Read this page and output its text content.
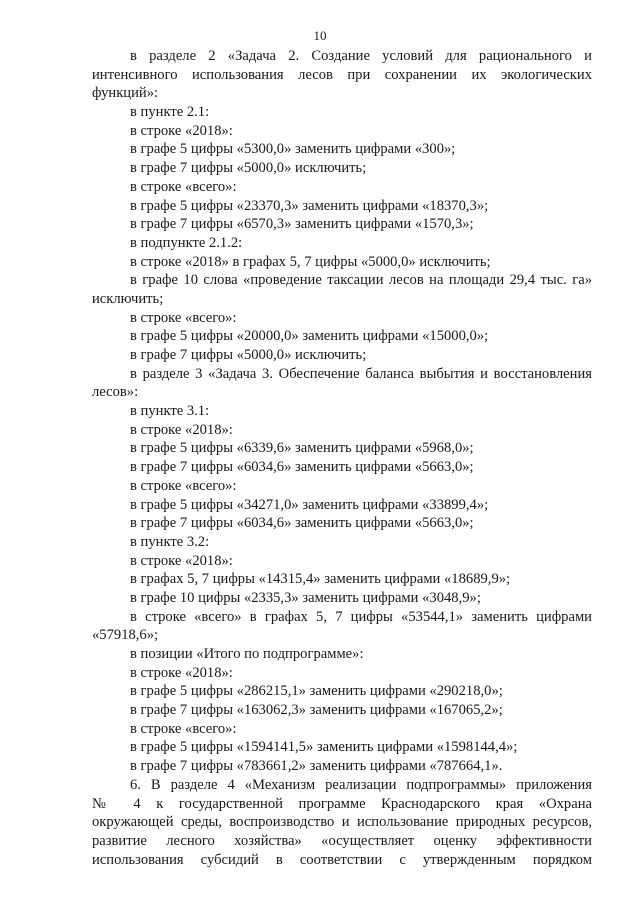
10
в разделе 2 «Задача 2. Создание условий для рационального и
интенсивного использования лесов при сохранении их экологических
функций»:
в пункте 2.1:
в строке «2018»:
в графе 5 цифры «5300,0» заменить цифрами «300»;
в графе 7 цифры «5000,0» исключить;
в строке «всего»:
в графе 5 цифры «23370,3» заменить цифрами «18370,3»;
в графе 7 цифры «6570,3» заменить цифрами «1570,3»;
в подпункте 2.1.2:
в строке «2018» в графах 5, 7 цифры «5000,0» исключить;
в графе 10 слова «проведение таксации лесов на площади 29,4 тыс. га»
исключить;
в строке «всего»:
в графе 5 цифры «20000,0» заменить цифрами «15000,0»;
в графе 7 цифры «5000,0» исключить;
в разделе 3 «Задача 3. Обеспечение баланса выбытия и восстановления
лесов»:
в пункте 3.1:
в строке «2018»:
в графе 5 цифры «6339,6» заменить цифрами «5968,0»;
в графе 7 цифры «6034,6» заменить цифрами «5663,0»;
в строке «всего»:
в графе 5 цифры «34271,0» заменить цифрами «33899,4»;
в графе 7 цифры «6034,6» заменить цифрами «5663,0»;
в пункте 3.2:
в строке «2018»:
в графах 5, 7 цифры «14315,4» заменить цифрами «18689,9»;
в графе 10 цифры «2335,3» заменить цифрами «3048,9»;
в строке «всего» в графах 5, 7 цифры «53544,1» заменить цифрами
«57918,6»;
в позиции «Итого по подпрограмме»:
в строке «2018»:
в графе 5 цифры «286215,1» заменить цифрами «290218,0»;
в графе 7 цифры «163062,3» заменить цифрами «167065,2»;
в строке «всего»:
в графе 5 цифры «1594141,5» заменить цифрами «1598144,4»;
в графе 7 цифры «783661,2» заменить цифрами «787664,1».
6. В разделе 4 «Механизм реализации подпрограммы» приложения
№ 4 к государственной программе Краснодарского края «Охрана
окружающей среды, воспроизводство и использование природных ресурсов,
развитие лесного хозяйства» «осуществляет оценку эффективности
использования субсидий в соответствии с утвержденным порядком
